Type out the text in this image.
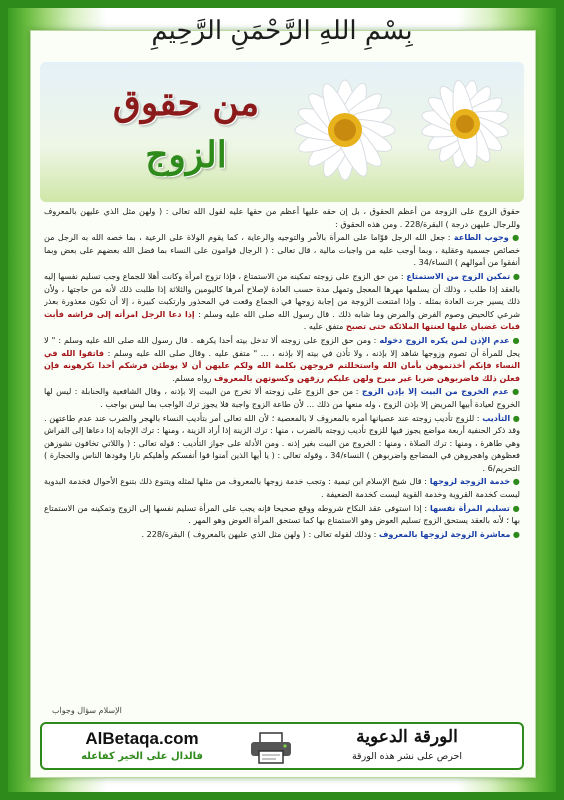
بِسْمِ اللهِ الرَّحْمَنِ الرَّحِيمِ
من حقوق
الزوج

حقوق الزوج على الزوجة من أعظم الحقوق ، بل إن حقه عليها أعظم من حقها عليه لقول الله تعالى : ( ولهن مثل الذي عليهن بالمعروف وللرجال عليهن درجة ) البقرة/228 . ومن هذه الحقوق :

● وجوب الطاعة : جعل الله الرجل قوّاما على المرأة بالأمر والتوجيه والرعاية ، كما يقوم الولاة على الرعية ، بما خصه الله به الرجل من خصائص جسمية وعقلية ، وبما أوجب عليه من واجبات مالية ، قال تعالى : ( الرجال قوامون على النساء بما فضل الله بعضهم على بعض وبما أنفقوا من أموالهم ) النساء/34 .

● تمكين الزوج من الاستمتاع : من حق الزوج على زوجته تمكينه من الاستمتاع ، فإذا تزوج امرأة وكانت أهلا للجماع وجب تسليم نفسها إليه بالعقد إذا طلب ، وذلك أن يسلمها مهرها المعجل وتمهل مدة حسب العادة لإصلاح أمرها كاليومين والثلاثة إذا طلبت ذلك لأنه من حاجتها ، ولأن ذلك يسير جرت العادة بمثله . وإذا امتنعت الزوجة من إجابة زوجها في الجماع وقعت في المحذور وارتكبت كبيرة ، إلا أن تكون معذورة بعذر شرعي كالحيض وصوم الفرض والمرض وما شابه ذلك . قال رسول الله صلى الله عليه وسلم : إذا دعا الرجل امرأته إلى فراشه فأبت فبات غضبان عليها لعنتها الملائكة حتى تصبح متفق عليه .

● عدم الإذن لمن يكره الزوج دخوله : ومن حق الزوج على زوجته ألا تدخل بيته أحدا يكرهه . قال رسول الله صلى الله عليه وسلم : " لا يحل للمرأة أن تصوم وزوجها شاهد إلا بإذنه ، ولا تأذن في بيته إلا بإذنه ، ... " متفق عليه . وقال صلى الله عليه وسلم : فاتقوا الله في النساء فإنكم أخذتموهن بأمان الله واستحللتم فروجهن بكلمة الله ولكم عليهن أن لا يوطئن فرشكم أحدا تكرهونه فإن فعلن ذلك فاضربوهن ضربا غير مبرح ولهن عليكم رزقهن وكسوتهن بالمعروف رواه مسلم.

● عدم الخروج من البيت إلا بإذن الزوج : من حق الزوج على زوجته ألا تخرج من البيت إلا بإذنه ، وقال الشافعية والحنابلة : ليس لها الخروج لعيادة أبيها المريض إلا بإذن الزوج ، وله منعها من ذلك ... لأن طاعة الزوج واجبة فلا يجوز ترك الواجب بما ليس بواجب .

● التأديب : للزوج تأديب زوجته عند عصيانها أمره بالمعروف لا بالمعصية ؛ لأن الله تعالى أمر بتأديب النساء بالهجر والضرب عند عدم طاعتهن . وقد ذكر الحنفية أربعة مواضع يجوز فيها للزوج تأديب زوجته بالضرب ، منها : ترك الزينة إذا أراد الزينة ، ومنها : ترك الإجابة إذا دعاها إلى الفراش وهي طاهرة ، ومنها : ترك الصلاة ، ومنها : الخروج من البيت بغير إذنه . ومن الأدلة على جواز التأديب : قوله تعالى : ( واللاتي تخافون نشوزهن فعظوهن واهجروهن في المضاجع واضربوهن ) النساء/34 ، وقوله تعالى : ( يا أيها الذين آمنوا قوا أنفسكم وأهليكم نارا وقودها الناس والحجارة ) التحريم/6 .

● خدمة الزوجة لزوجها : قال شيخ الإسلام ابن تيمية : وتجب خدمة زوجها بالمعروف من مثلها لمثله ويتنوع ذلك بتنوع الأحوال فخدمة البدوية ليست كخدمة القروية وخدمة القوية ليست كخدمة الضعيفة .

● تسليم المرأة نفسها : إذا استوفى عقد النكاح شروطه ووقع صحيحا فإنه يجب على المرأة تسليم نفسها إلى الزوج وتمكينه من الاستمتاع بها ؛ لأنه بالعقد يستحق الزوج تسليم العوض وهو الاستمتاع بها كما تستحق المرأة العوض وهو المهر .

● معاشرة الزوجة لزوجها بالمعروف : وذلك لقوله تعالى : ( ولهن مثل الذي عليهن بالمعروف ) البقرة/228 .

الإسلام سؤال وجواب
AlBetaqa.com
فالدال على الخير كفاعله
الورقة الدعوية
احرص على نشر هذه الورقة
